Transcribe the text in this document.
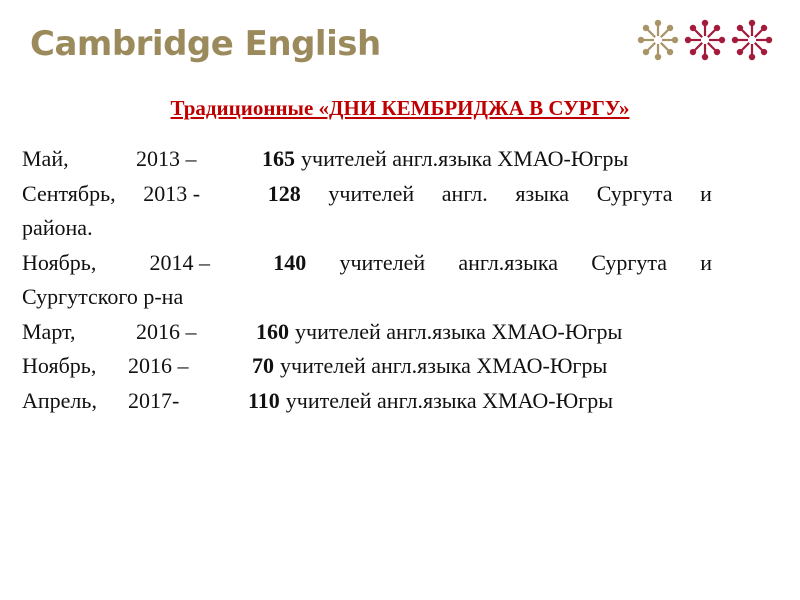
Cambridge English
Традиционные «ДНИ КЕМБРИДЖА В СУРГУ»
Май,	2013 –	165 учителей англ.языка ХМАО-Югры
Сентябрь, 2013 -	128 учителей англ. языка Сургута и
района.
Ноябрь, 2014 –	140 учителей англ.языка Сургута и
Сургутского р-на
Март,	2016 –	160 учителей англ.языка ХМАО-Югры
Ноябрь,	2016 –	70 учителей англ.языка ХМАО-Югры
Апрель,	2017-	110 учителей англ.языка ХМАО-Югры
